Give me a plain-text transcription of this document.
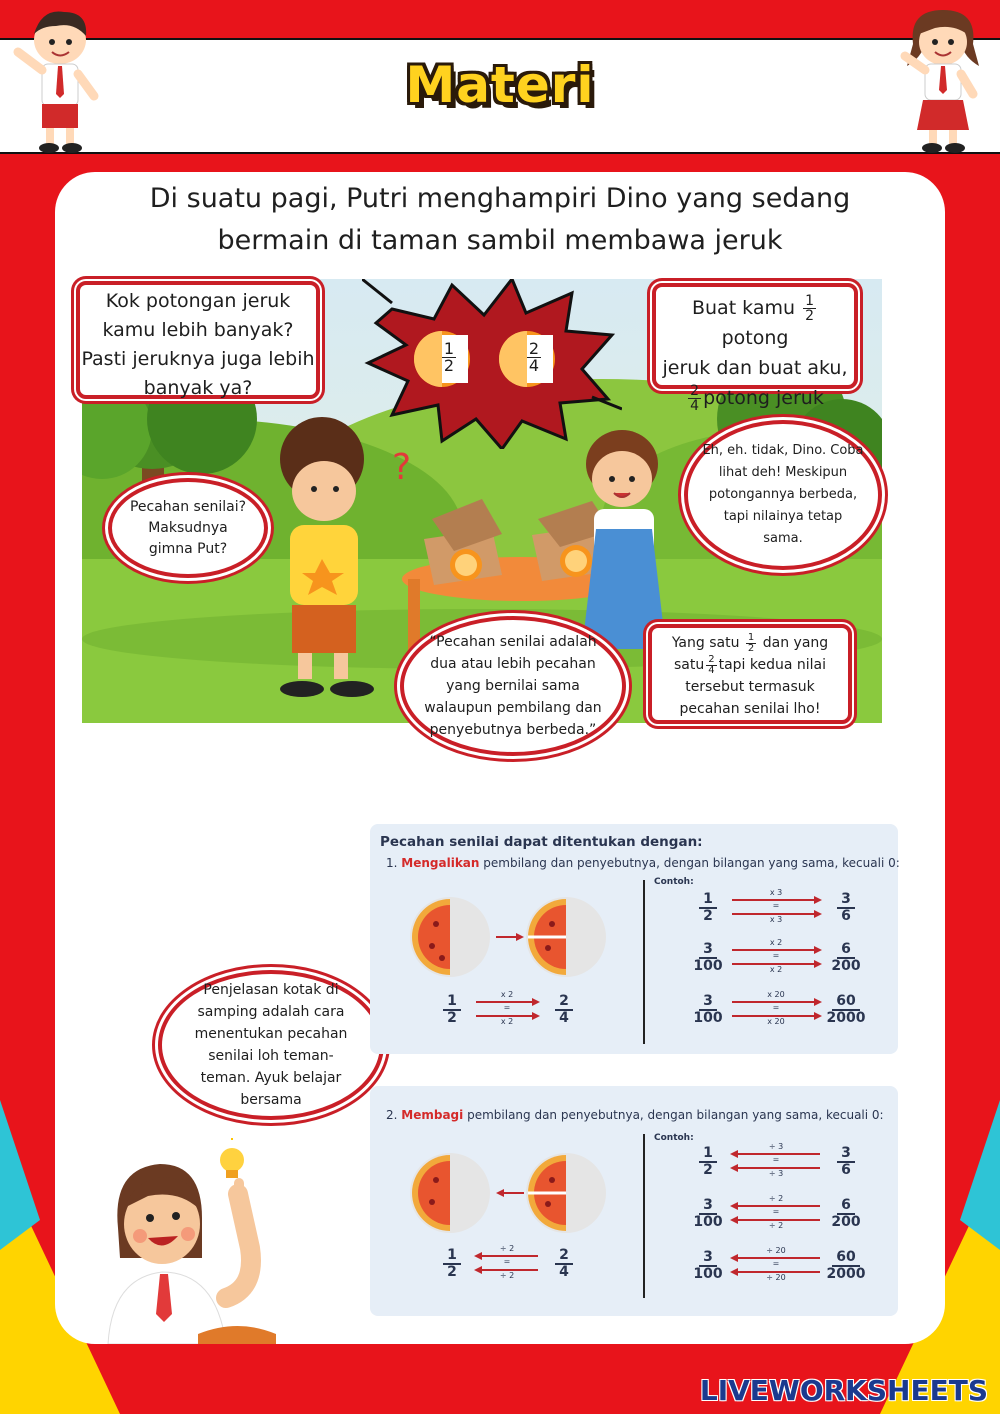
Materi
Di suatu pagi, Putri menghampiri Dino yang sedang
bermain di taman sambil membawa jeruk
?
$\frac{1}{2}$	$\frac{2}{4}$
Kok potongan jeruk
kamu lebih banyak?
Pasti jeruknya juga lebih
banyak ya?
Buat kamu $\frac{1}{2}$
potong
jeruk dan buat aku,
$\frac{2}{4}$ potong jeruk
Pecahan senilai?
Maksudnya
gimna Put?
Eh, eh. tidak, Dino. Coba
lihat deh! Meskipun
potongannya berbeda,
tapi nilainya tetap
sama.
“Pecahan senilai adalah
dua atau lebih pecahan
yang bernilai sama
walaupun pembilang dan
penyebutnya berbeda.”
Yang satu $\frac{1}{2}$ dan yang
satu $\frac{2}{4}$ tapi kedua nilai
tersebut termasuk
pecahan senilai lho!
Penjelasan kotak di
samping adalah cara
menentukan pecahan
senilai loh teman-
teman. Ayuk belajar
bersama
Pecahan senilai dapat ditentukan dengan:
1. Mengalikan pembilang dan penyebutnya, dengan bilangan yang sama, kecuali 0:
Contoh:
2. Membagi pembilang dan penyebutnya, dengan bilangan yang sama, kecuali 0:
Contoh:
$\frac{1}{2}$	x 3
=
x 3	$\frac{3}{6}$
$\frac{3}{100}$	x 2
=
x 2	$\frac{6}{200}$
$\frac{3}{100}$	x 20
=
x 20	$\frac{60}{2000}$
$\frac{1}{2}$	÷ 3
=
÷ 3	$\frac{3}{6}$
$\frac{3}{100}$	÷ 2
=
÷ 2	$\frac{6}{200}$
$\frac{3}{100}$	÷ 20
=
÷ 20	$\frac{60}{2000}$
$\frac{1}{2}$	x 2
=
x 2	$\frac{2}{4}$
$\frac{1}{2}$	÷ 2
=
÷ 2	$\frac{2}{4}$
LIVEWORKSHEETS
